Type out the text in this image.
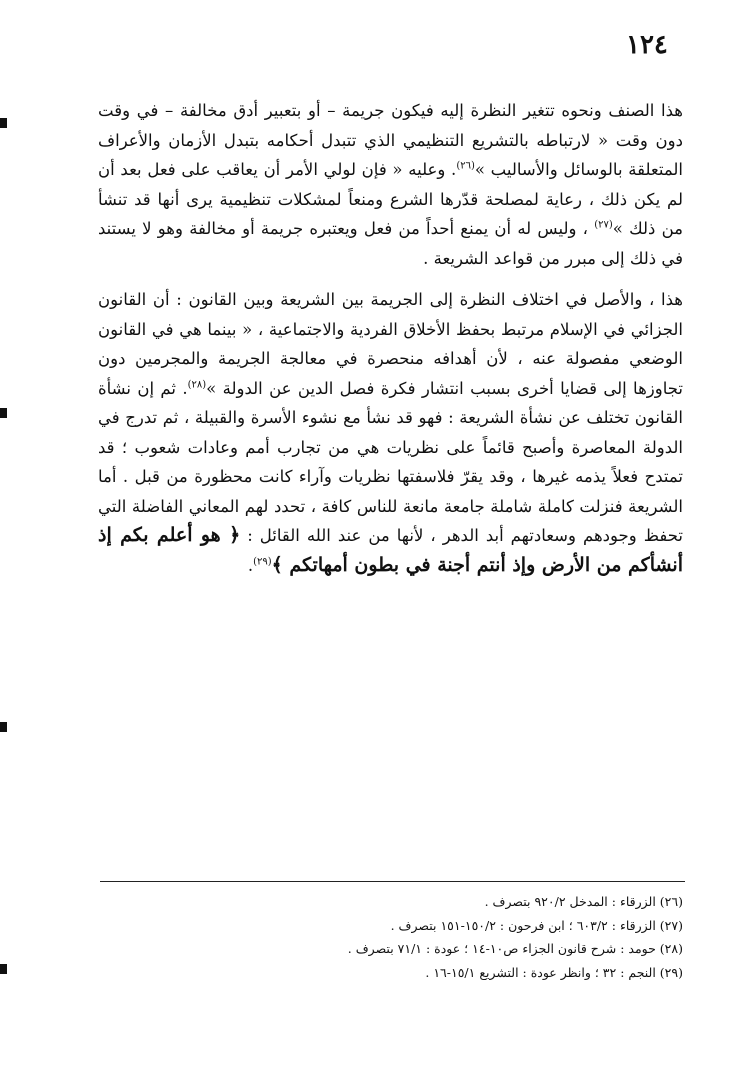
١٢٤

هذا الصنف ونحوه تتغير النظرة إليه فيكون جريمة – أو بتعبير أدق مخالفة – في وقت دون وقت « لارتباطه بالتشريع التنظيمي الذي تتبدل أحكامه بتبدل الأزمان والأعراف المتعلقة بالوسائل والأساليب »$^{(٢٦)}$. وعليه « فإن لولي الأمر أن يعاقب على فعل بعد أن لم يكن ذلك ، رعاية لمصلحة قدّرها الشرع ومنعاً لمشكلات تنظيمية يرى أنها قد تنشأ من ذلك »$^{(٢٧)}$ ، وليس له أن يمنع أحداً من فعل ويعتبره جريمة أو مخالفة وهو لا يستند في ذلك إلى مبرر من قواعد الشريعة .

هذا ، والأصل في اختلاف النظرة إلى الجريمة بين الشريعة وبين القانون : أن القانون الجزائي في الإسلام مرتبط بحفظ الأخلاق الفردية والاجتماعية ، « بينما هي في القانون الوضعي مفصولة عنه ، لأن أهدافه منحصرة في معالجة الجريمة والمجرمين دون تجاوزها إلى قضايا أخرى بسبب انتشار فكرة فصل الدين عن الدولة »$^{(٢٨)}$. ثم إن نشأة القانون تختلف عن نشأة الشريعة : فهو قد نشأ مع نشوء الأسرة والقبيلة ، ثم تدرج في الدولة المعاصرة وأصبح قائماً على نظريات هي من تجارب أمم وعادات شعوب ؛ قد تمتدح فعلاً يذمه غيرها ، وقد يقرّ فلاسفتها نظريات وآراء كانت محظورة من قبل . أما الشريعة فنزلت كاملة شاملة جامعة مانعة للناس كافة ، تحدد لهم المعاني الفاضلة التي تحفظ وجودهم وسعادتهم أبد الدهر ، لأنها من عند الله القائل : ﴿ هو أعلم بكم إذ أنشأكم من الأرض وإذ أنتم أجنة في بطون أمهاتكم ﴾$^{(٢٩)}$.

(٢٦) الزرقاء : المدخل ٩٢٠/٢ بتصرف .
(٢٧) الزرقاء : ٦٠٣/٢ ؛ ابن فرحون : ١٥٠/٢-١٥١ بتصرف .
(٢٨) حومد : شرح قانون الجزاء ص١٠-١٤ ؛ عودة : ٧١/١ بتصرف .
(٢٩) النجم : ٣٢ ؛ وانظر عودة : التشريع ١٥/١-١٦ .
